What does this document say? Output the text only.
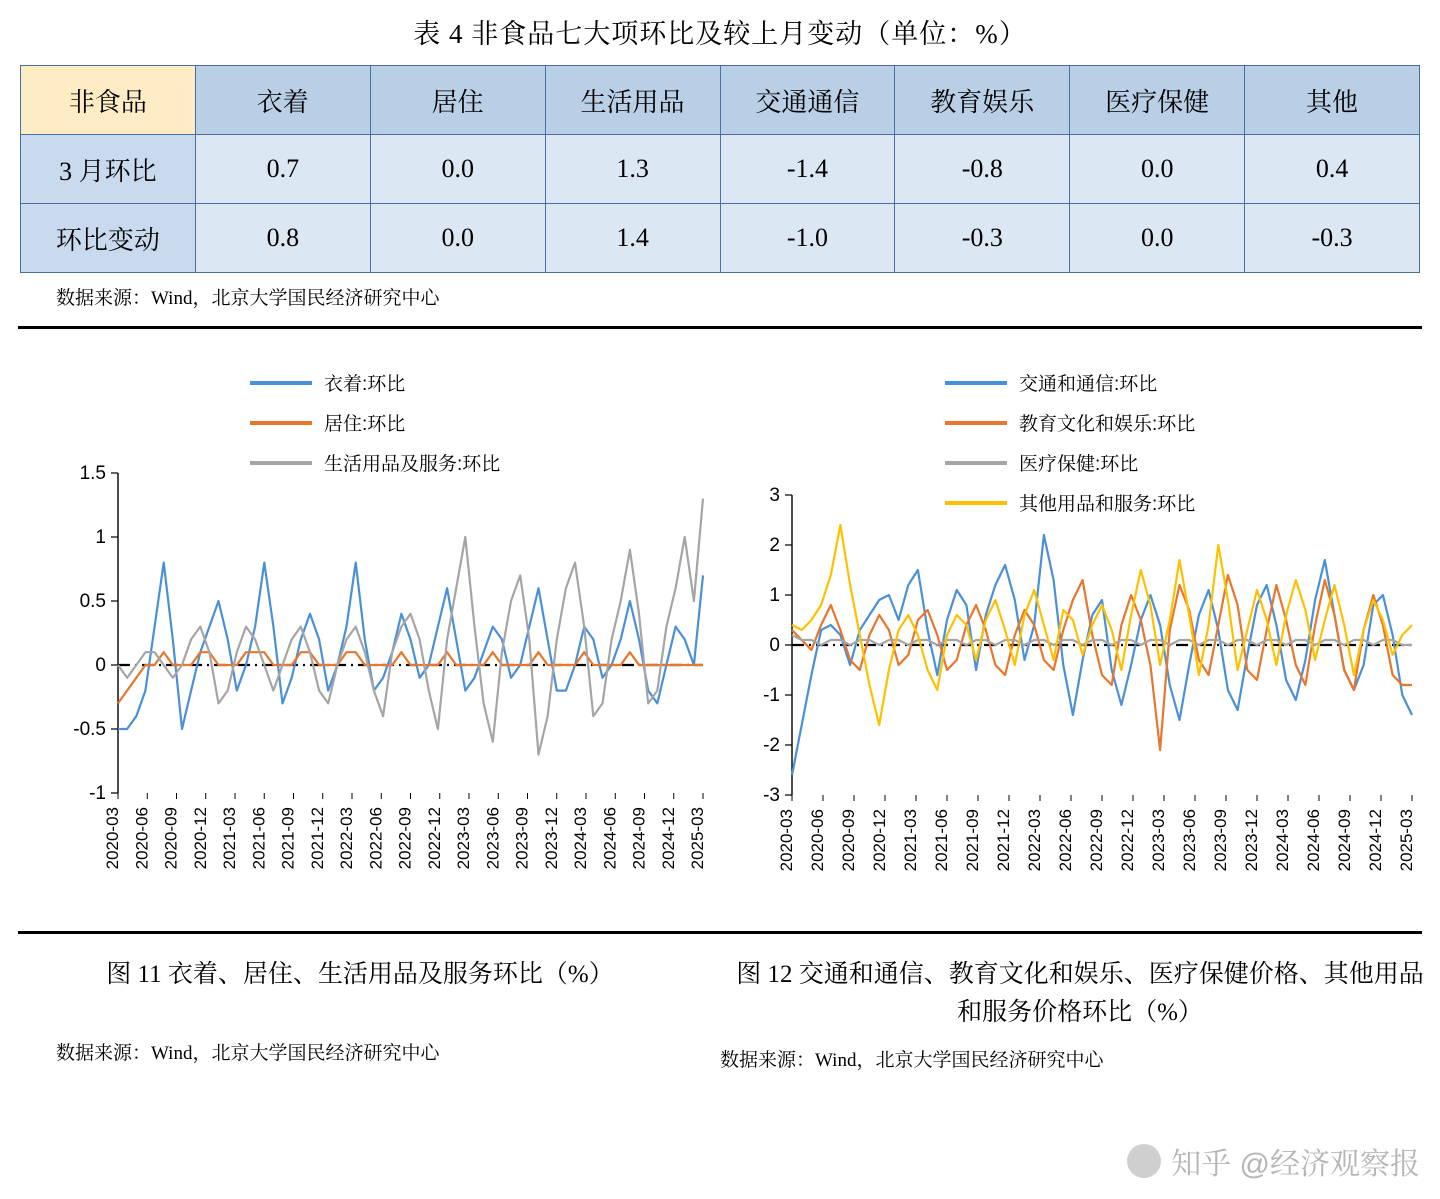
表 4 非食品七大项环比及较上月变动（单位：%）
非食品	衣着	居住	生活用品	交通通信	教育娱乐	医疗保健	其他
3 月环比	0.7	0.0	1.3	-1.4	-0.8	0.0	0.4
环比变动	0.8	0.0	1.4	-1.0	-0.3	0.0	-0.3
数据来源：Wind，北京大学国民经济研究中心
衣着:环比
居住:环比
生活用品及服务:环比
-1
-0.5
0
0.5
1
1.5
2020-03 2020-06 2020-09 2020-12 2021-03 2021-06 2021-09 2021-12 2022-03 2022-06 2022-09 2022-12 2023-03 2023-06 2023-09 2023-12 2024-03 2024-06 2024-09 2024-12 2025-03
交通和通信:环比
教育文化和娱乐:环比
医疗保健:环比
其他用品和服务:环比
-3
-2
-1
0
1
2
3
2020-03 2020-06 2020-09 2020-12 2021-03 2021-06 2021-09 2021-12 2022-03 2022-06 2022-09 2022-12 2023-03 2023-06 2023-09 2023-12 2024-03 2024-06 2024-09 2024-12 2025-03
图 11 衣着、居住、生活用品及服务环比（%）
数据来源：Wind，北京大学国民经济研究中心
图 12 交通和通信、教育文化和娱乐、医疗保健价格、其他用品和服务价格环比（%）
数据来源：Wind，北京大学国民经济研究中心
知乎 @经济观察报
